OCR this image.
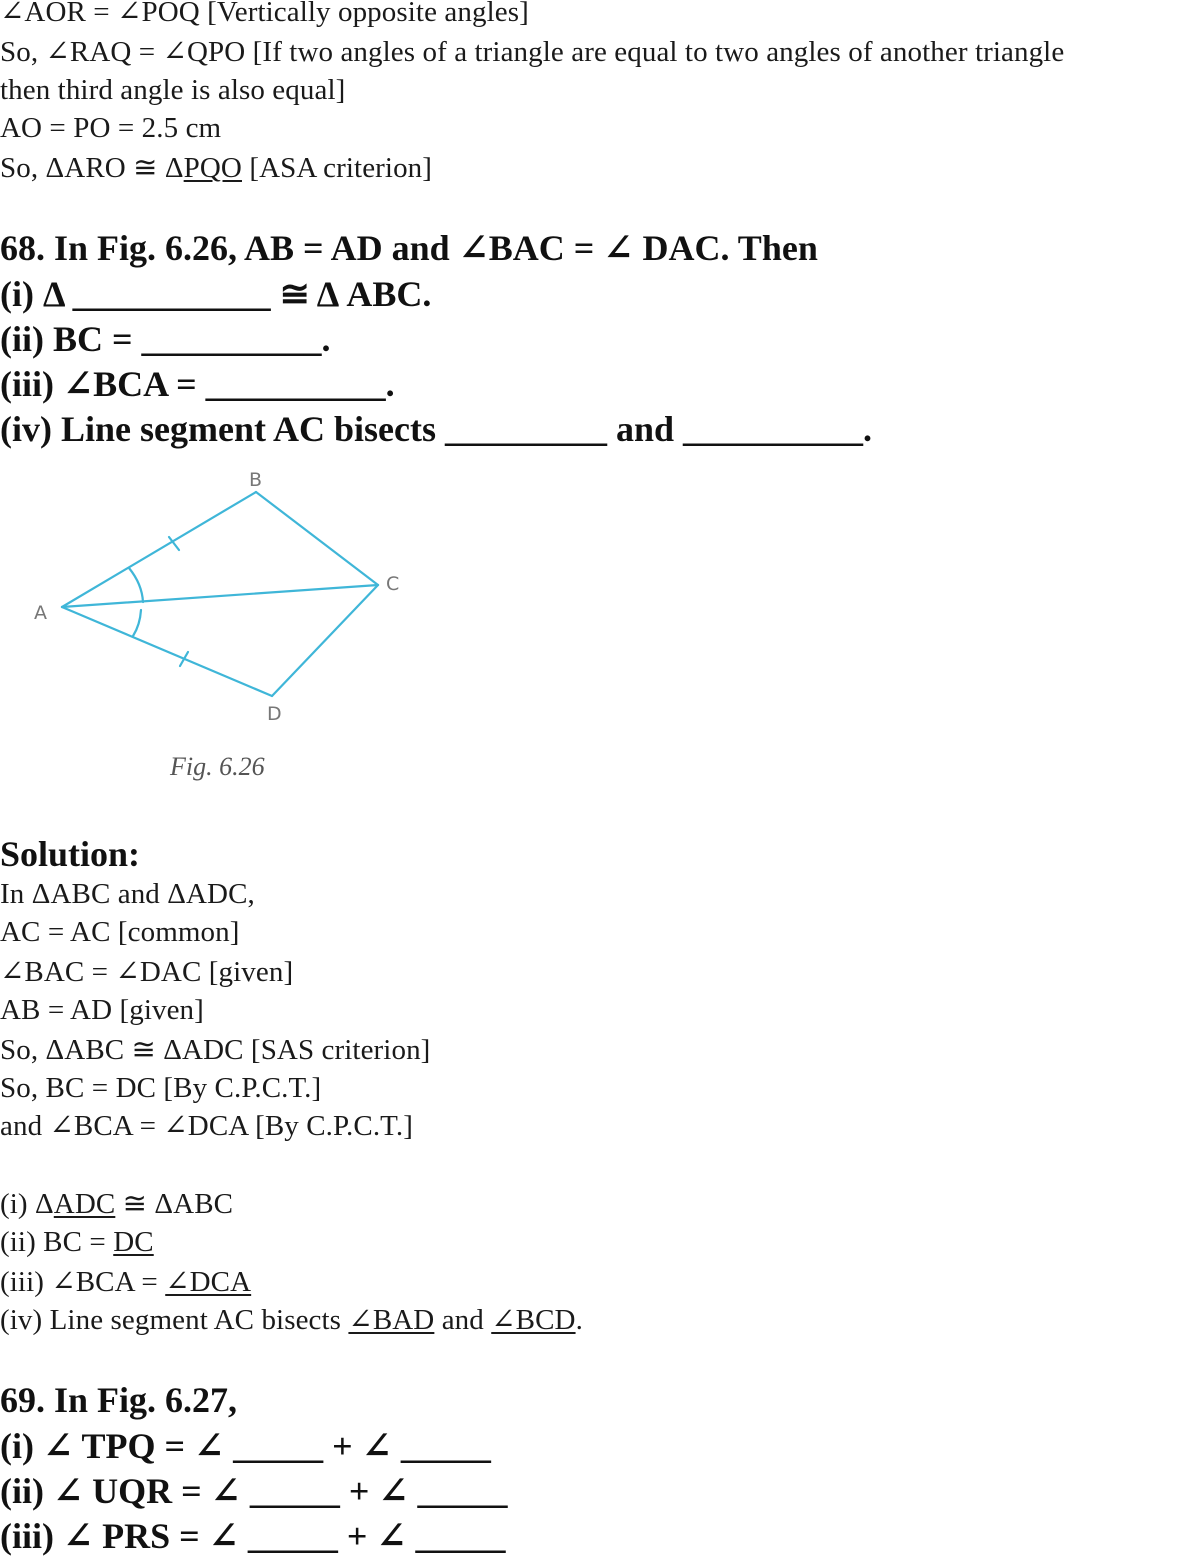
∠AOR = ∠POQ [Vertically opposite angles]
So, ∠RAQ = ∠QPO [If two angles of a triangle are equal to two angles of another triangle
then third angle is also equal]
AO = PO = 2.5 cm
So, ΔARO ≅ ΔPQO [ASA criterion]
68. In Fig. 6.26, AB = AD and ∠BAC = ∠ DAC. Then
(i) Δ ___________ ≅ Δ ABC.
(ii) BC = __________.
(iii) ∠BCA = __________.
(iv) Line segment AC bisects _________ and __________.
A
B
C
D
Fig. 6.26
Solution:
In ΔABC and ΔADC,
AC = AC [common]
∠BAC = ∠DAC [given]
AB = AD [given]
So, ΔABC ≅ ΔADC [SAS criterion]
So, BC = DC [By C.P.C.T.]
and ∠BCA = ∠DCA [By C.P.C.T.]
(i) ΔADC ≅ ΔABC
(ii) BC = DC
(iii) ∠BCA = ∠DCA
(iv) Line segment AC bisects ∠BAD and ∠BCD.
69. In Fig. 6.27,
(i) ∠ TPQ = ∠ _____ + ∠ _____
(ii) ∠ UQR = ∠ _____ + ∠ _____
(iii) ∠ PRS = ∠ _____ + ∠ _____
